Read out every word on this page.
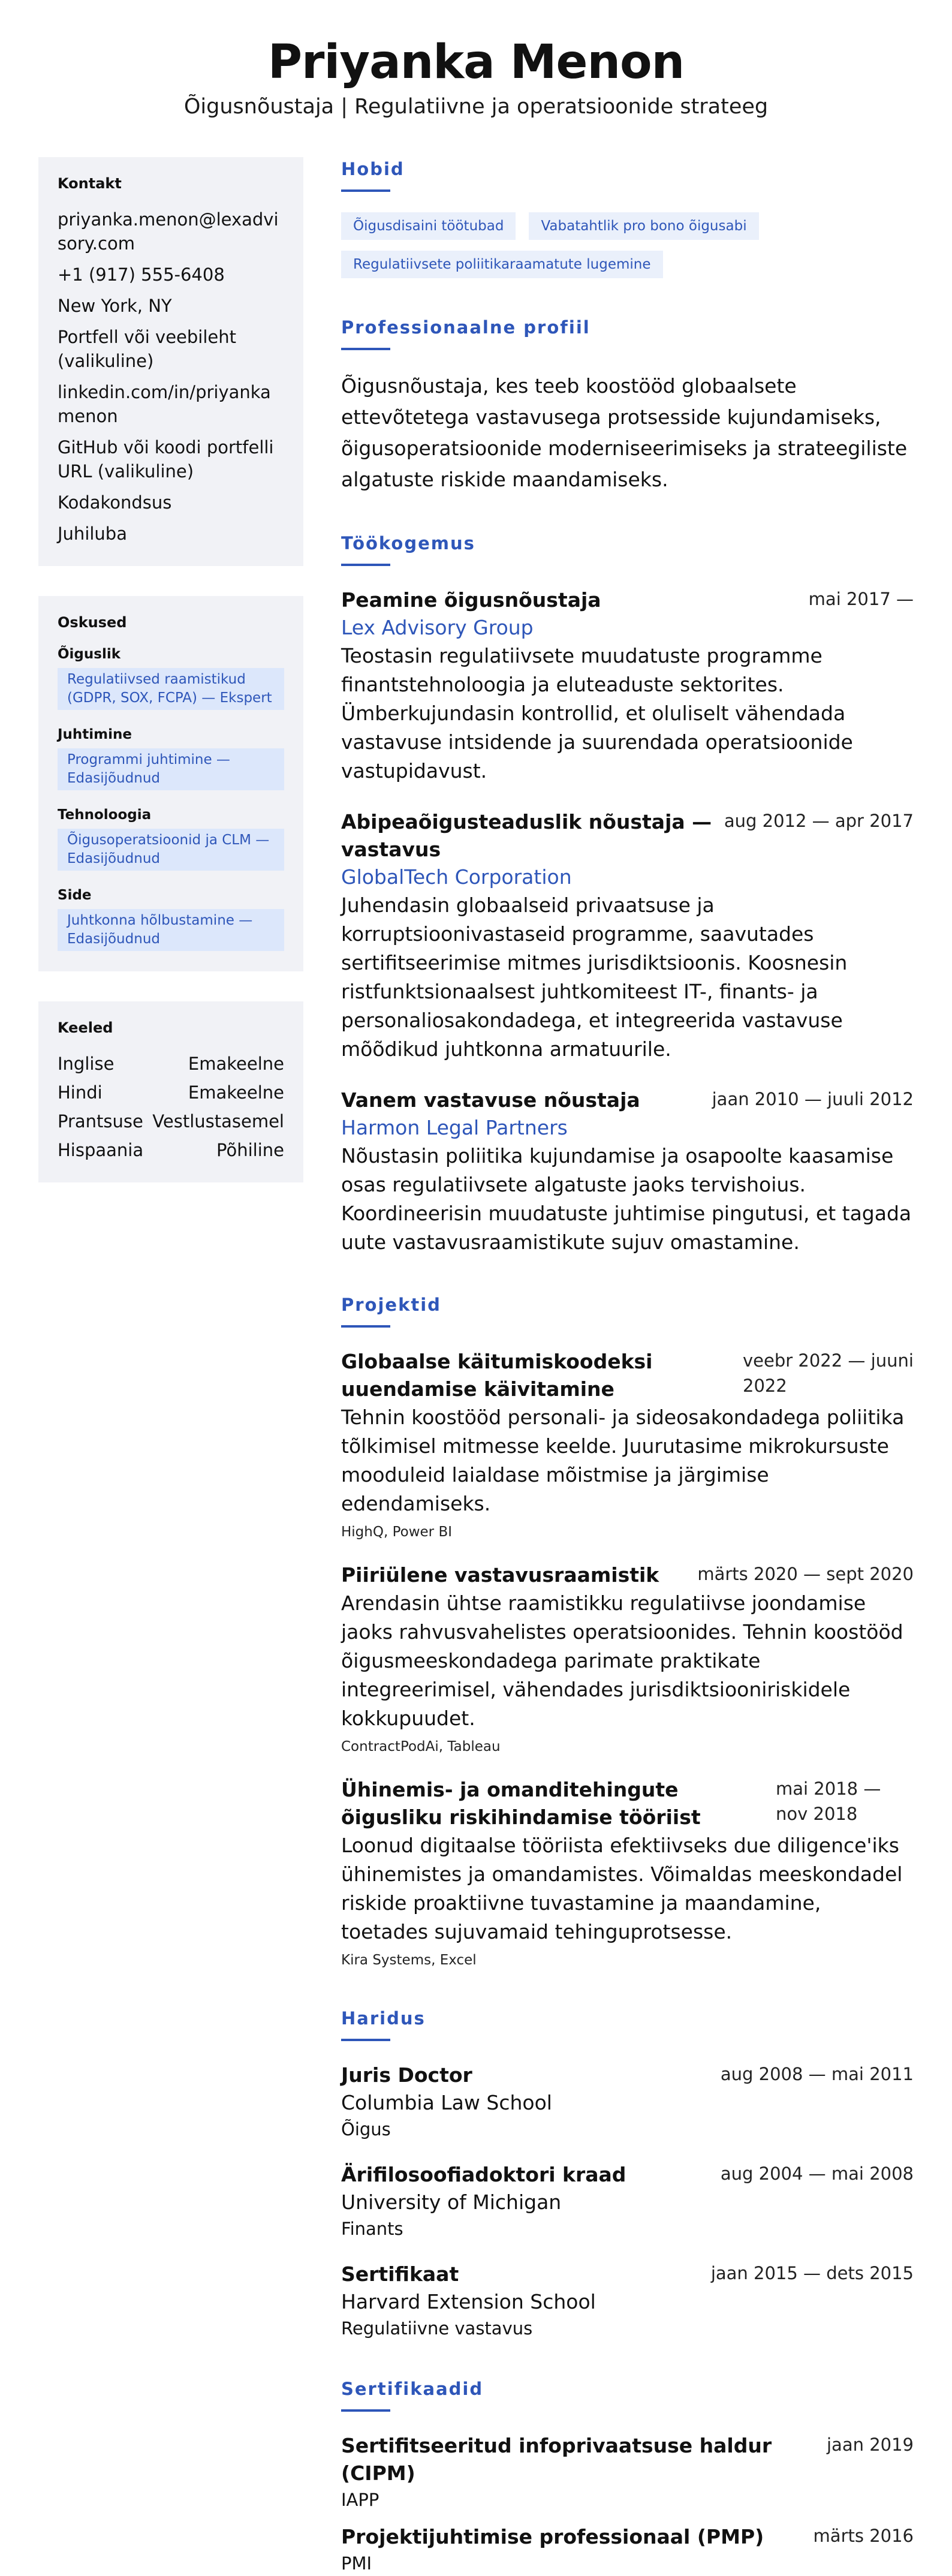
Priyanka Menon
Õigusnõustaja | Regulatiivne ja operatsioonide strateeg
Kontakt
priyanka.menon@lexadvisory.com
+1 (917) 555-6408
New York, NY
Portfell või veebileht (valikuline)
linkedin.com/in/priyankamenon
GitHub või koodi portfelli URL (valikuline)
Kodakondsus
Juhiluba
Oskused
Õiguslik
Regulatiivsed raamistikud (GDPR, SOX, FCPA) — Ekspert
Juhtimine
Programmi juhtimine — Edasijõudnud
Tehnoloogia
Õigusoperatsioonid ja CLM — Edasijõudnud
Side
Juhtkonna hõlbustamine — Edasijõudnud
Keeled
Inglise	Emakeelne
Hindi	Emakeelne
Prantsuse Vestlustasemel
Hispaania	Põhiline
Hobid
Õigusdisaini töötubad	Vabatahtlik pro bono õigusabi
Regulatiivsete poliitikaraamatute lugemine
Professionaalne profiil

Õigusnõustaja, kes teeb koostööd globaalsete ettevõtetega vastavusega protsesside kujundamiseks, õigusoperatsioonide moderniseerimiseks ja strateegiliste algatuste riskide maandamiseks.

Töökogemus
Peamine õigusnõustaja	mai 2017 —
Lex Advisory Group

Teostasin regulatiivsete muudatuste programme finantstehnoloogia ja eluteaduste sektorites. Ümberkujundasin kontrollid, et oluliselt vähendada vastavuse intsidende ja suurendada operatsioonide vastupidavust.

Abipeaõigusteaduslik nõustaja — vastavus
aug 2012 — apr 2017
GlobalTech Corporation

Juhendasin globaalseid privaatsuse ja korruptsioonivastaseid programme, saavutades sertifitseerimise mitmes jurisdiktsioonis. Koosnesin ristfunktsionaalsest juhtkomiteest IT-, finants- ja personaliosakondadega, et integreerida vastavuse mõõdikud juhtkonna armatuurile.

Vanem vastavuse nõustaja	jaan 2010 — juuli 2012
Harmon Legal Partners

Nõustasin poliitika kujundamise ja osapoolte kaasamise osas regulatiivsete algatuste jaoks tervishoius. Koordineerisin muudatuste juhtimise pingutusi, et tagada uute vastavusraamistikute sujuv omastamine.

Projektid
Globaalse käitumiskoodeksi uuendamise käivitamine
veebr 2022 — juuni 2022

Tehnin koostööd personali- ja sideosakondadega poliitika tõlkimisel mitmesse keelde. Juurutasime mikrokursuste mooduleid laialdase mõistmise ja järgimise edendamiseks.

HighQ, Power BI
Piiriülene vastavusraamistik märts 2020 — sept 2020

Arendasin ühtse raamistikku regulatiivse joondamise jaoks rahvusvahelistes operatsioonides. Tehnin koostööd õigusmeeskondadega parimate praktikate integreerimisel, vähendades jurisdiktsiooniriskidele kokkupuudet.

ContractPodAi, Tableau
Ühinemis- ja omanditehingute õigusliku riskihindamise tööriist
mai 2018 — nov 2018

Loonud digitaalse tööriista efektiivseks due diligence'iks ühinemistes ja omandamistes. Võimaldas meeskondadel riskide proaktiivne tuvastamine ja maandamine, toetades sujuvamaid tehinguprotsesse.

Kira Systems, Excel
Haridus
Juris Doctor	aug 2008 — mai 2011
Columbia Law School
Õigus
Ärifilosoofiadoktori kraad	aug 2004 — mai 2008
University of Michigan
Finants
Sertifikaat	jaan 2015 — dets 2015
Harvard Extension School
Regulatiivne vastavus
Sertifikaadid
Sertifitseeritud infoprivaatsuse haldur (CIPM)
jaan 2019
IAPP
Projektijuhtimise professionaal (PMP)	märts 2016
PMI
